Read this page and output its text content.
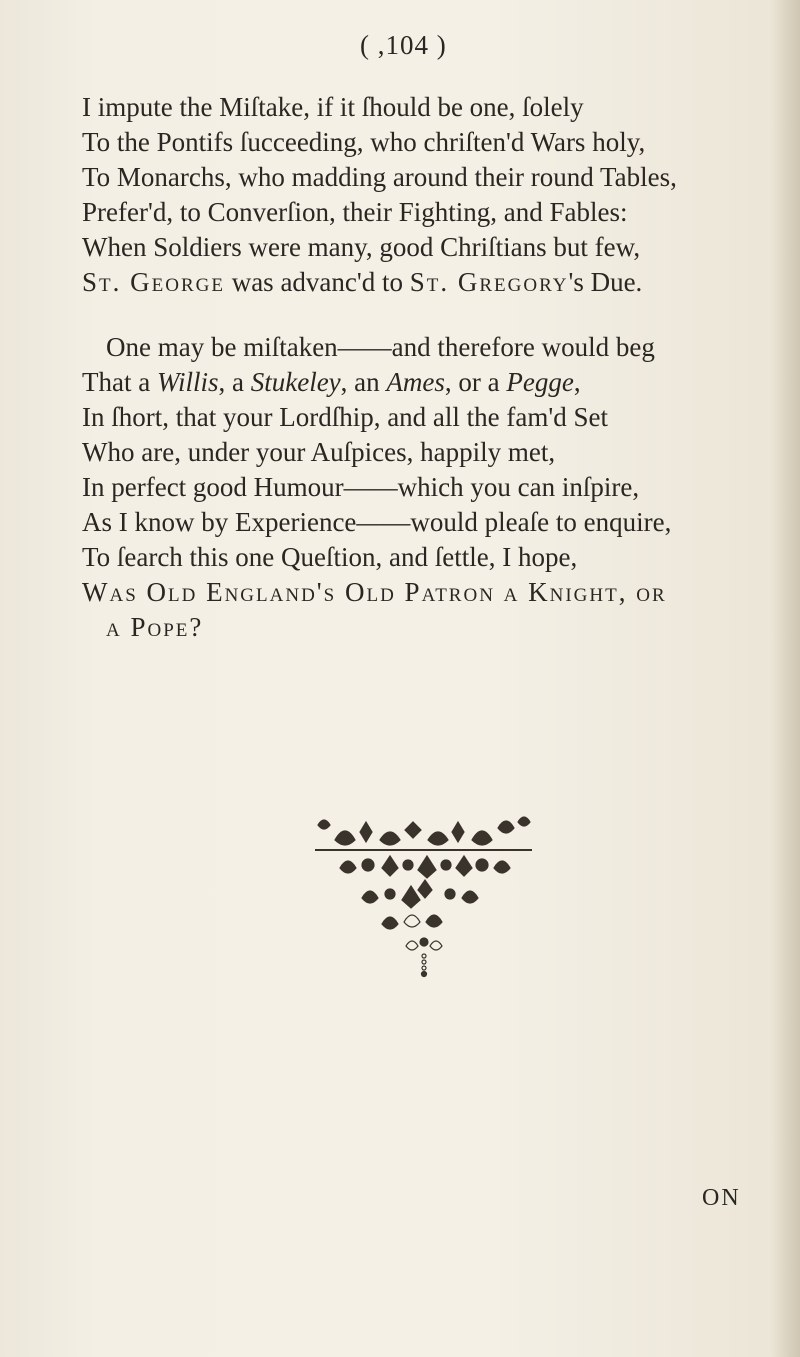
( ,104 )
I impute the Miſtake, if it ſhould be one, ſolely
To the Pontifs ſucceeding, who chriſten'd Wars holy,
To Monarchs, who madding around their round Tables,
Prefer'd, to Converſion, their Fighting, and Fables:
When Soldiers were many, good Chriſtians but few,
St. George was advanc'd to St. Gregory's Due.
One may be miſtaken——and therefore would beg
That a Willis, a Stukeley, an Ames, or a Pegge,
In ſhort, that your Lordſhip, and all the fam'd Set
Who are, under your Auſpices, happily met,
In perfect good Humour——which you can inſpire,
As I know by Experience——would pleaſe to enquire,
To ſearch this one Queſtion, and ſettle, I hope,
Was Old England's Old Patron a Knight, or
a Pope?
ON
